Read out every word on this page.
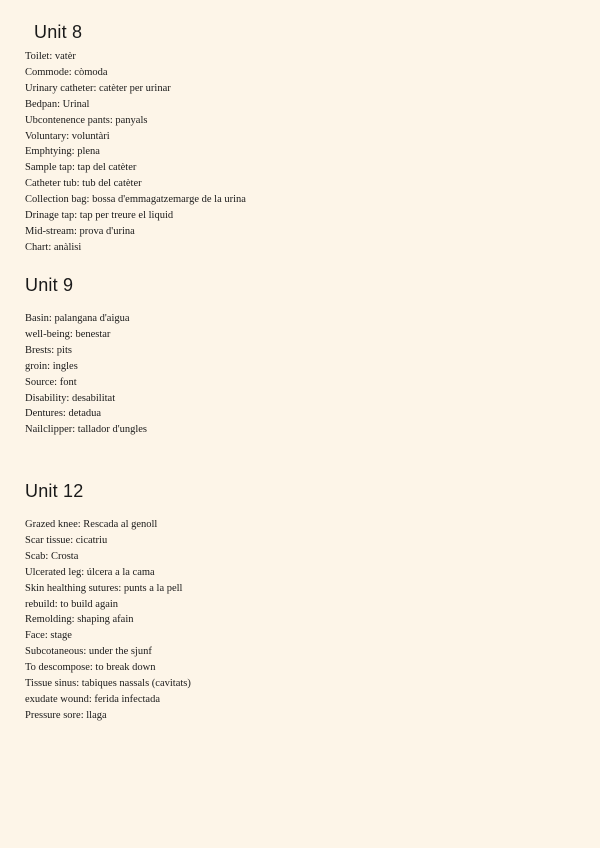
Unit 8
Toilet: vatèr
Commode: còmoda
Urinary catheter: catèter per urinar
Bedpan: Urinal
Ubcontenence pants: panyals
Voluntary: voluntàri
Emphtying: plena
Sample tap: tap del catèter
Catheter tub: tub del catèter
Collection bag: bossa d'emmagatzemarge de la urina
Drinage tap: tap per treure el liquid
Mid-stream: prova d'urina
Chart: anàlisi
Unit 9
Basin: palangana d'aigua
well-being: benestar
Brests: pits
groin: ingles
Source: font
Disability: desabilitat
Dentures: detadua
Nailclipper: tallador d'ungles
Unit 12
Grazed knee: Rescada al genoll
Scar tissue: cicatriu
Scab: Crosta
Ulcerated leg: úlcera a la cama
Skin healthing sutures: punts a la pell
rebuild: to build again
Remolding: shaping afain
Face: stage
Subcotaneous: under the sjunf
To descompose: to break down
Tissue sinus: tabiques nassals (cavitats)
exudate wound: ferida infectada
Pressure sore: llaga
